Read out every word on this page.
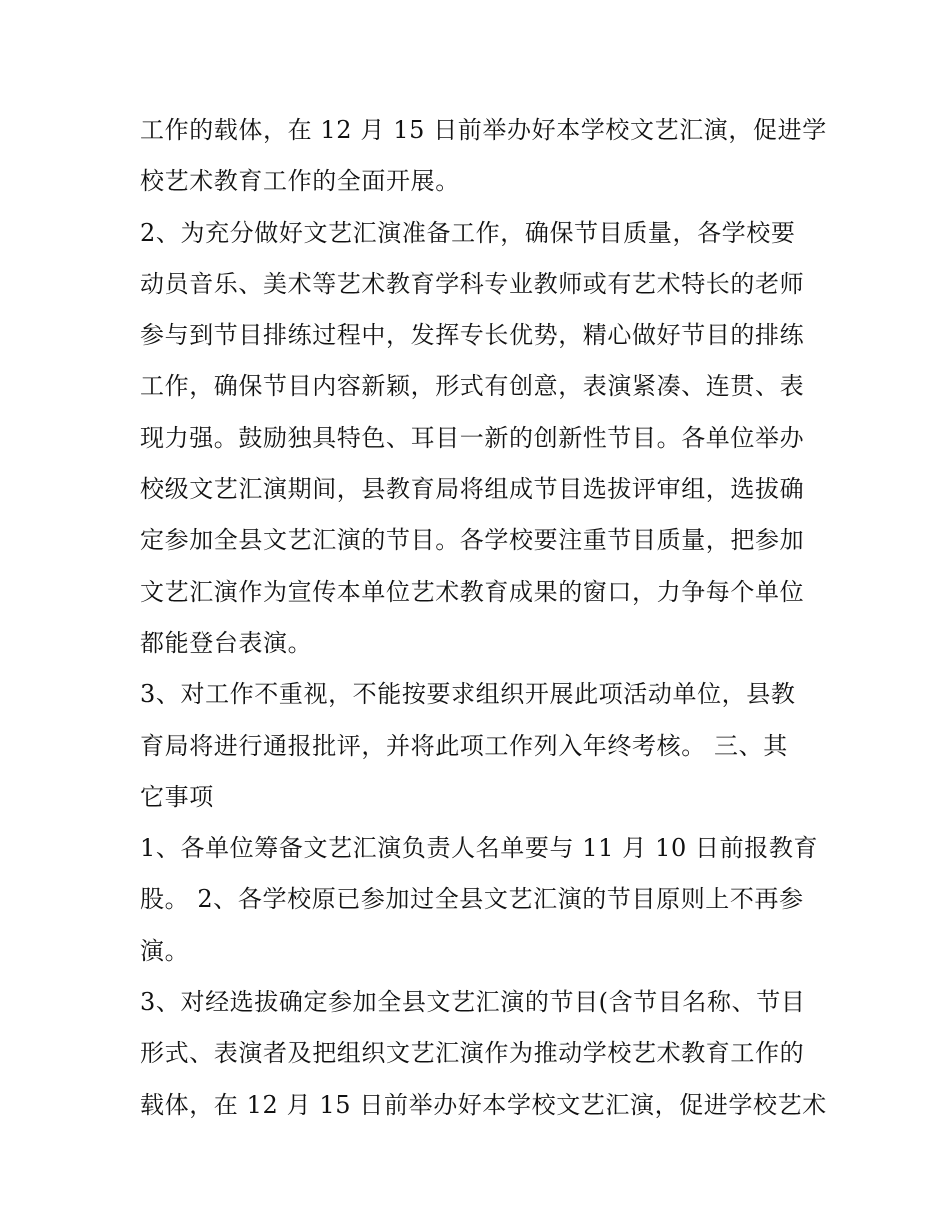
工作的载体，在 12 月 15 日前举办好本学校文艺汇演，促进学
校艺术教育工作的全面开展。
2、为充分做好文艺汇演准备工作，确保节目质量，各学校要
动员音乐、美术等艺术教育学科专业教师或有艺术特长的老师
参与到节目排练过程中，发挥专长优势，精心做好节目的排练
工作，确保节目内容新颖，形式有创意，表演紧凑、连贯、表
现力强。鼓励独具特色、耳目一新的创新性节目。各单位举办
校级文艺汇演期间，县教育局将组成节目选拔评审组，选拔确
定参加全县文艺汇演的节目。各学校要注重节目质量，把参加
文艺汇演作为宣传本单位艺术教育成果的窗口，力争每个单位
都能登台表演。
3、对工作不重视，不能按要求组织开展此项活动单位，县教
育局将进行通报批评，并将此项工作列入年终考核。 三、其
它事项
1、各单位筹备文艺汇演负责人名单要与 11 月 10 日前报教育
股。 2、各学校原已参加过全县文艺汇演的节目原则上不再参
演。
3、对经选拔确定参加全县文艺汇演的节目(含节目名称、节目
形式、表演者及把组织文艺汇演作为推动学校艺术教育工作的
载体，在 12 月 15 日前举办好本学校文艺汇演，促进学校艺术
